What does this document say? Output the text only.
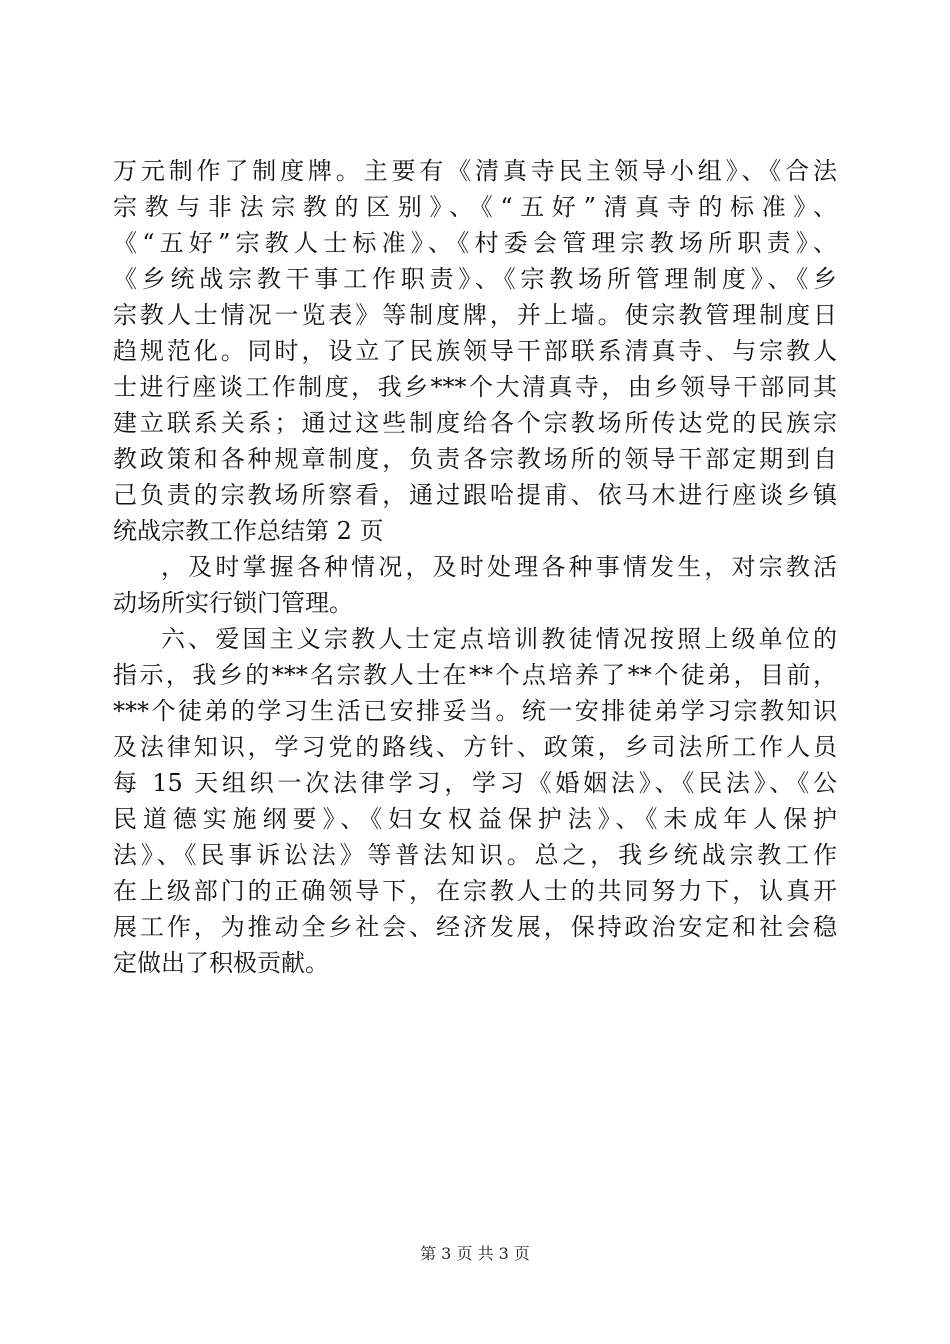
万元制作了制度牌。主要有《清真寺民主领导小组》、《合法
宗教与非法宗教的区别》、《“五好”清真寺的标准》、
《“五好”宗教人士标准》、《村委会管理宗教场所职责》、
《乡统战宗教干事工作职责》、《宗教场所管理制度》、《乡
宗教人士情况一览表》等制度牌，并上墙。使宗教管理制度日
趋规范化。同时，设立了民族领导干部联系清真寺、与宗教人
士进行座谈工作制度，我乡***个大清真寺，由乡领导干部同其
建立联系关系；通过这些制度给各个宗教场所传达党的民族宗
教政策和各种规章制度，负责各宗教场所的领导干部定期到自
己负责的宗教场所察看，通过跟哈提甫、依马木进行座谈乡镇
统战宗教工作总结第 2 页
，及时掌握各种情况，及时处理各种事情发生，对宗教活
动场所实行锁门管理。
六、爱国主义宗教人士定点培训教徒情况按照上级单位的
指示，我乡的***名宗教人士在**个点培养了**个徒弟，目前，
***个徒弟的学习生活已安排妥当。统一安排徒弟学习宗教知识
及法律知识，学习党的路线、方针、政策，乡司法所工作人员
每 15 天组织一次法律学习，学习《婚姻法》、《民法》、《公
民道德实施纲要》、《妇女权益保护法》、《未成年人保护
法》、《民事诉讼法》等普法知识。总之，我乡统战宗教工作
在上级部门的正确领导下，在宗教人士的共同努力下，认真开
展工作，为推动全乡社会、经济发展，保持政治安定和社会稳
定做出了积极贡献。
第 3 页 共 3 页
